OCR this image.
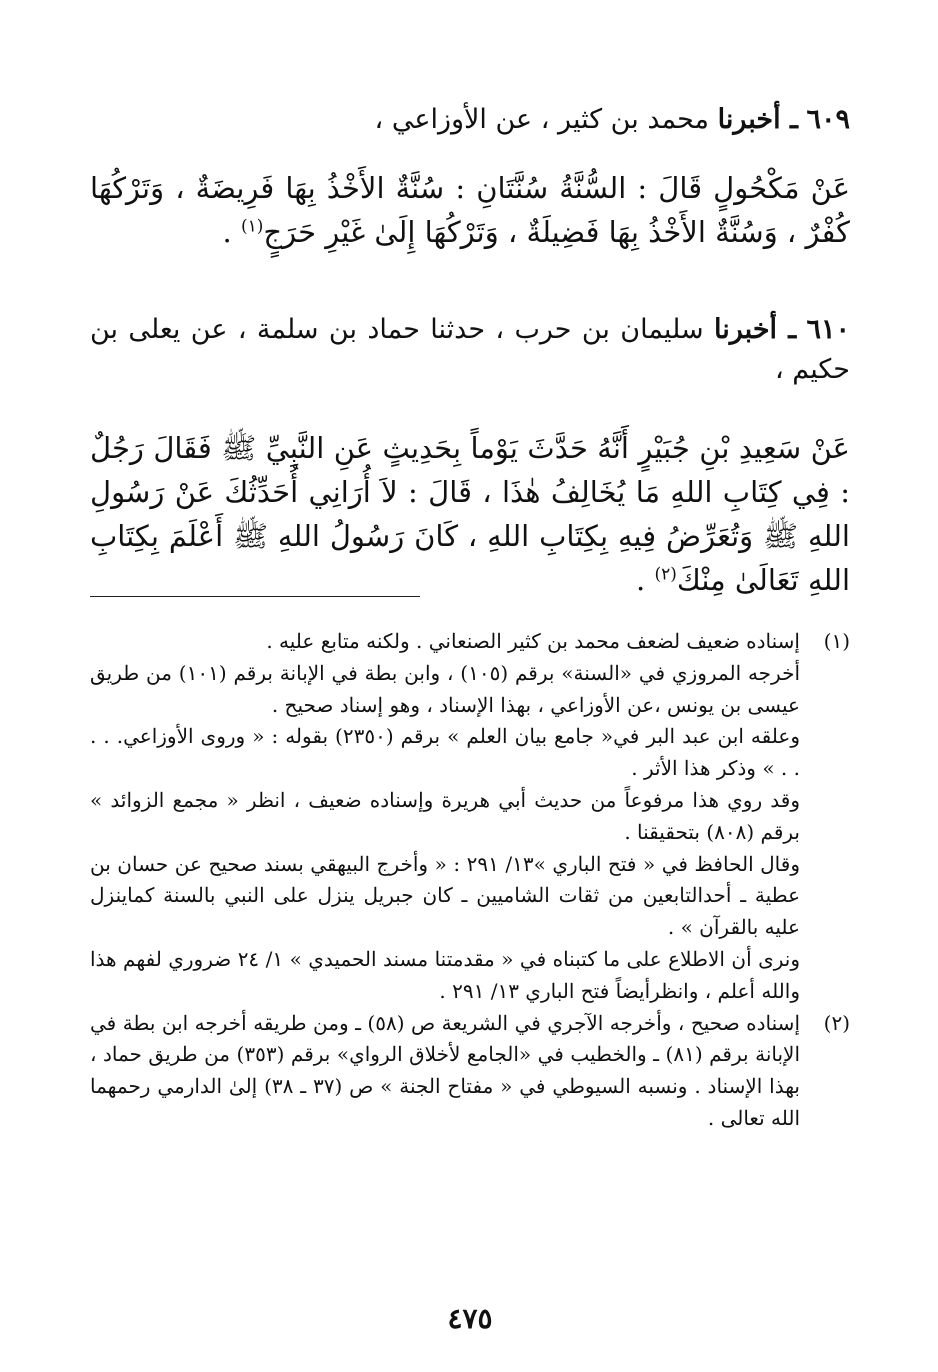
٦٠٩ ـ أخبرنا محمد بن كثير ، عن الأوزاعي ،
عَنْ مَكْحُولٍ قَالَ : السُّنَّةُ سُنَّتَانِ : سُنَّةٌ الأَخْذُ بِهَا فَرِيضَةٌ ، وَتَرْكُهَا كُفْرٌ ، وَسُنَّةٌ الأَخْذُ بِهَا فَضِيلَةٌ ، وَتَرْكُهَا إِلَىٰ غَيْرِ حَرَجٍ$^{(١)}$ .
٦١٠ ـ أخبرنا سليمان بن حرب ، حدثنا حماد بن سلمة ، عن يعلى بن حكيم ،
عَنْ سَعِيدِ بْنِ جُبَيْرٍ أَنَّهُ حَدَّثَ يَوْماً بِحَدِيثٍ عَنِ النَّبِيِّ ﷺ فَقَالَ رَجُلٌ : فِي كِتَابِ اللهِ مَا يُخَالِفُ هٰذَا ، قَالَ : لاَ أُرَانِي أُحَدِّثُكَ عَنْ رَسُولِ اللهِ ﷺ وَتُعَرِّضُ فِيهِ بِكِتَابِ اللهِ ، كَانَ رَسُولُ اللهِ ﷺ أَعْلَمَ بِكِتَابِ اللهِ تَعَالَىٰ مِنْكَ$^{(٢)}$ .
(١)

إسناده ضعيف لضعف محمد بن كثير الصنعاني . ولكنه متابع عليه .

أخرجه المروزي في «السنة» برقم (١٠٥) ، وابن بطة في الإبانة برقم (١٠١) من طريق عيسى بن يونس ،عن الأوزاعي ، بهذا الإسناد ، وهو إسناد صحيح .

وعلقه ابن عبد البر في« جامع بيان العلم » برقم (٢٣٥٠) بقوله : « وروى الأوزاعي. . . . . » وذكر هذا الأثر .

وقد روي هذا مرفوعاً من حديث أبي هريرة وإسناده ضعيف ، انظر « مجمع الزوائد » برقم (٨٠٨) بتحقيقنا .

وقال الحافظ في « فتح الباري »١٣/ ٢٩١ : « وأخرج البيهقي بسند صحيح عن حسان بن عطية ـ أحدالتابعين من ثقات الشاميين ـ كان جبريل ينزل على النبي بالسنة كماينزل عليه بالقرآن » .

ونرى أن الاطلاع على ما كتبناه في « مقدمتنا مسند الحميدي » ١/ ٢٤ ضروري لفهم هذا والله أعلم ، وانظرأيضاً فتح الباري ١٣/ ٢٩١ .

(٢)

إسناده صحيح ، وأخرجه الآجري في الشريعة ص (٥٨) ـ ومن طريقه أخرجه ابن بطة في الإبانة برقم (٨١) ـ والخطيب في «الجامع لأخلاق الرواي» برقم (٣٥٣) من طريق حماد ، بهذا الإسناد . ونسبه السيوطي في « مفتاح الجنة » ص (٣٧ ـ ٣٨) إلىٰ الدارمي رحمهما الله تعالى .

٤٧٥
